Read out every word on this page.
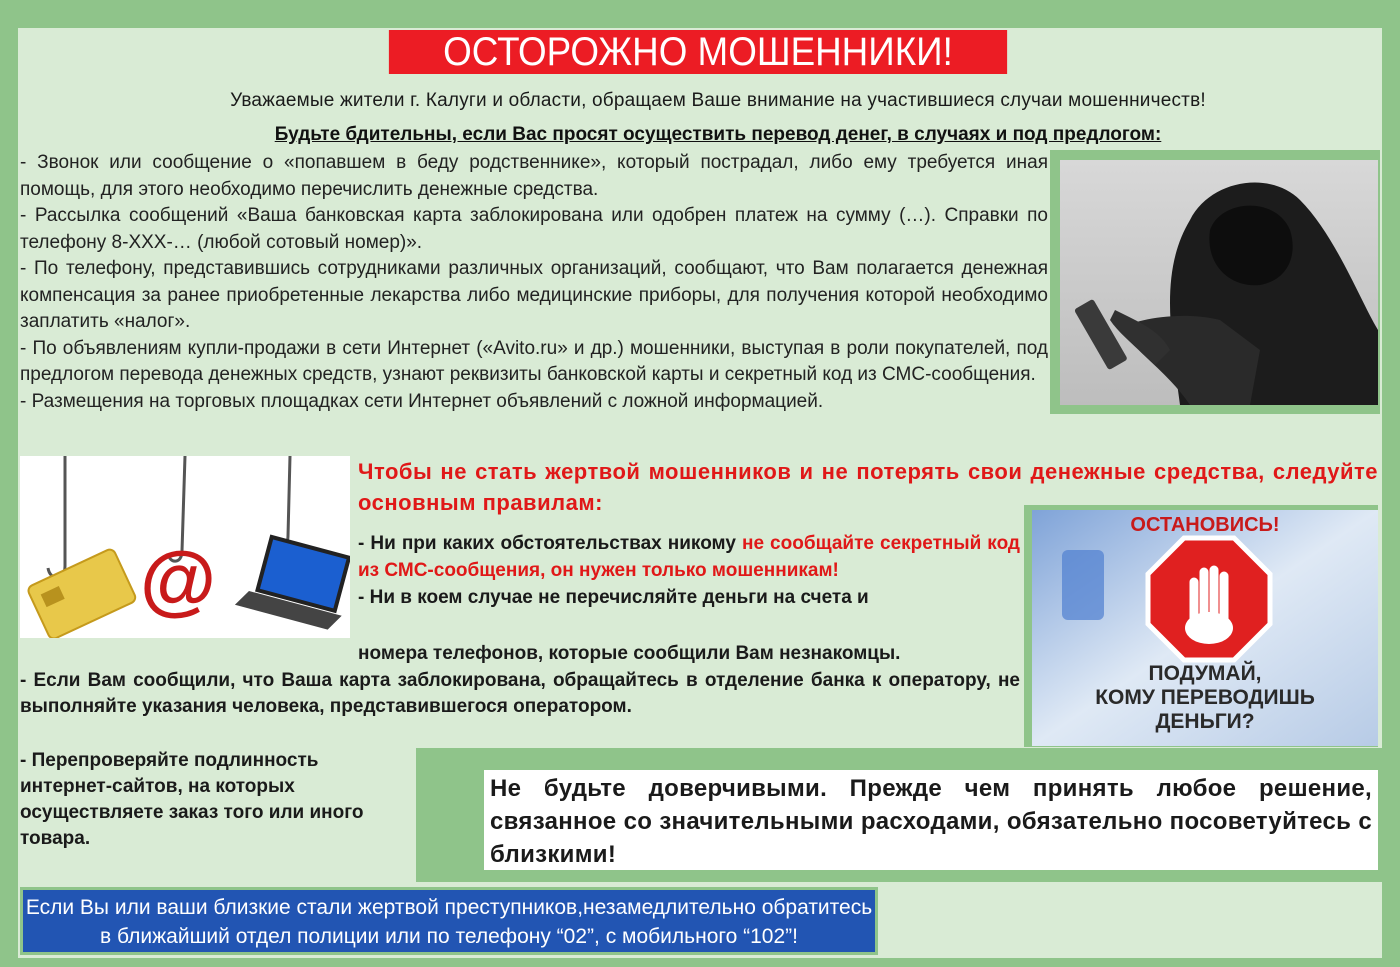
ОСТОРОЖНО МОШЕННИКИ!
Уважаемые жители г. Калуги и области, обращаем Ваше внимание на участившиеся случаи мошенничеств!
Будьте бдительны, если Вас просят осуществить перевод денег, в случаях и под предлогом:

- Звонок или сообщение о «попавшем в беду родственнике», который пострадал, либо ему требуется иная помощь, для этого необходимо перечислить денежные средства.

- Рассылка сообщений «Ваша банковская карта заблокирована или одобрен платеж на сумму (…). Справки по телефону 8-ХХХ-… (любой сотовый номер)».

- По телефону, представившись сотрудниками различных организаций, сообщают, что Вам полагается денежная компенсация за ранее приобретенные лекарства либо медицинские приборы, для получения которой необходимо заплатить «налог».

- По объявлениям купли-продажи в сети Интернет («Avito.ru» и др.) мошенники, выступая в роли покупателей, под предлогом перевода денежных средств, узнают реквизиты банковской карты и секретный код из СМС-сообщения.

- Размещения на торговых площадках сети Интернет объявлений с ложной информацией.

@
Чтобы не стать жертвой мошенников и не потерять свои денежные средства, следуйте основным правилам:

- Ни при каких обстоятельствах никому не сообщайте секретный код из СМС-сообщения, он нужен только мошенникам!

- Ни в коем случае не перечисляйте деньги на счета и

номера телефонов, которые сообщили Вам незнакомцы.

- Если Вам сообщили, что Ваша карта заблокирована, обращайтесь в отделение банка к оператору, не выполняйте указания человека, представившегося оператором.

ОСТАНОВИСЬ!
STOP
ПОДУМАЙ,
КОМУ ПЕРЕВОДИШЬ
ДЕНЬГИ?
- Перепроверяйте подлинность интернет-сайтов, на которых осуществляете заказ того или иного товара.
Не будьте доверчивыми. Прежде чем принять любое решение, связанное со значительными расходами, обязательно посоветуйтесь с близкими!

Если Вы или ваши близкие стали жертвой преступников,незамедлительно обратитесь

в ближайший отдел полиции или по телефону “02”, с мобильного “102”!
